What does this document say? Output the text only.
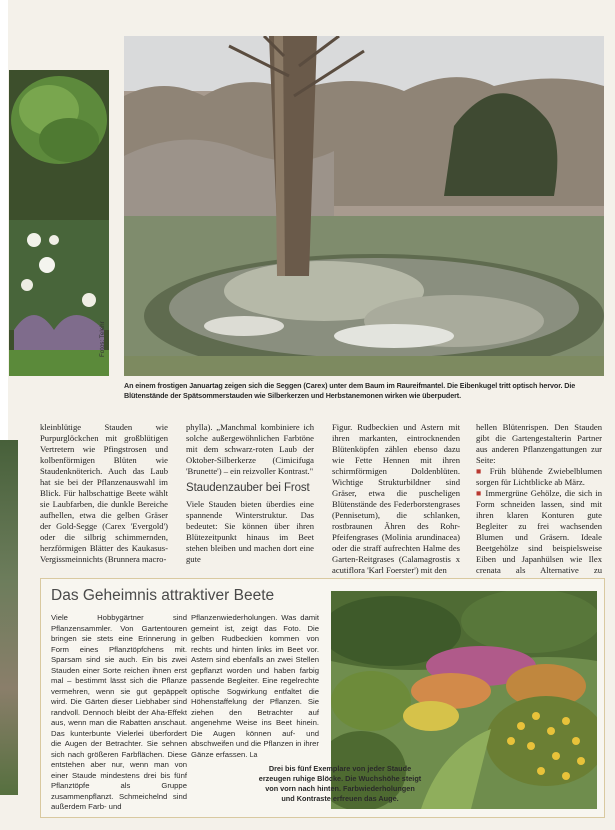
Fotos: Telehr
An einem frostigen Januartag zeigen sich die Seggen (Carex) unter dem Baum im Raureifmantel. Die Eibenkugel tritt optisch hervor. Die Blütenstände der Spätsommerstauden wie Silberkerzen und Herbstanemonen wirken wie überpudert.

kleinblütige Stauden wie Purpurglöckchen mit großblütigen Vertretern wie Pfingstrosen und kolbenförmigen Blüten wie Staudenknöterich. Auch das Laub hat sie bei der Pflanzenauswahl im Blick. Für halbschattige Beete wählt sie Laubfarben, die dunkle Bereiche aufhellen, etwa die gelben Gräser der Gold-Segge (Carex 'Evergold') oder die silbrig schimmernden, herzförmigen Blätter des Kaukasus-Vergissmeinnichts (Brunnera macro-

phylla). „Manchmal kombiniere ich solche außergewöhnlichen Farbtöne mit dem schwarz-roten Laub der Oktober-Silberkerze (Cimicifuga 'Brunette') – ein reizvoller Kontrast."

Staudenzauber bei Frost

Viele Stauden bieten überdies eine spannende Winterstruktur. Das bedeutet: Sie können über ihren Blütezeitpunkt hinaus im Beet stehen bleiben und machen dort eine gute

Figur. Rudbeckien und Astern mit ihren markanten, eintrocknenden Blütenköpfen zählen ebenso dazu wie Fette Hennen mit ihren schirmförmigen Doldenblüten. Wichtige Strukturbildner sind Gräser, etwa die puscheligen Blütenstände des Federborstengrases (Pennisetum), die schlanken, rostbraunen Ähren des Rohr-Pfeifengrases (Molinia arundinacea) oder die straff aufrechten Halme des Garten-Reitgrases (Calamagrostis x acutiflora 'Karl Foerster') mit den

hellen Blütenrispen. Den Stauden gibt die Gartengestalterin Partner aus anderen Pflanzengattungen zur Seite:

■ Früh blühende Zwiebelblumen sorgen für Lichtblicke ab März.

■ Immergrüne Gehölze, die sich in Form schneiden lassen, sind mit ihren klaren Konturen gute Begleiter zu frei wachsenden Blumen und Gräsern. Ideale Beetgehölze sind beispielsweise Eiben und Japanhülsen wie Ilex crenata als Alternative zu

Das Geheimnis attraktiver Beete
Viele Hobbygärtner sind Pflanzensammler. Von Gartentouren bringen sie stets eine Erinnerung in Form eines Pflanztöpfchens mit. Sparsam sind sie auch. Ein bis zwei Stauden einer Sorte reichen ihnen erst mal – bestimmt lässt sich die Pflanze vermehren, wenn sie gut gepäppelt wird. Die Gärten dieser Liebhaber sind randvoll. Dennoch bleibt der Aha-Effekt aus, wenn man die Rabatten anschaut. Das kunterbunte Vielerlei überfordert die Augen der Betrachter. Sie sehnen sich nach größeren Farbflächen. Diese entstehen aber nur, wenn man von einer Staude mindestens drei bis fünf Pflanztöpfe als Gruppe zusammenpflanzt. Schmeichelnd sind außerdem Farb- und
Pflanzenwiederholungen. Was damit gemeint ist, zeigt das Foto. Die gelben Rudbeckien kommen von rechts und hinten links im Beet vor. Astern sind ebenfalls an zwei Stellen gepflanzt worden und haben farbig passende Begleiter. Eine regelrechte optische Sogwirkung entfaltet die Höhenstaffelung der Pflanzen. Sie ziehen den Betrachter auf angenehme Weise ins Beet hinein. Die Augen können auf- und abschweifen und die Pflanzen in ihrer Gänze erfassen. La
Drei bis fünf Exemplare von jeder Staude erzeugen ruhige Blöcke. Die Wuchshöhe steigt von vorn nach hinten. Farbwiederholungen und Kontraste erfreuen das Auge.
